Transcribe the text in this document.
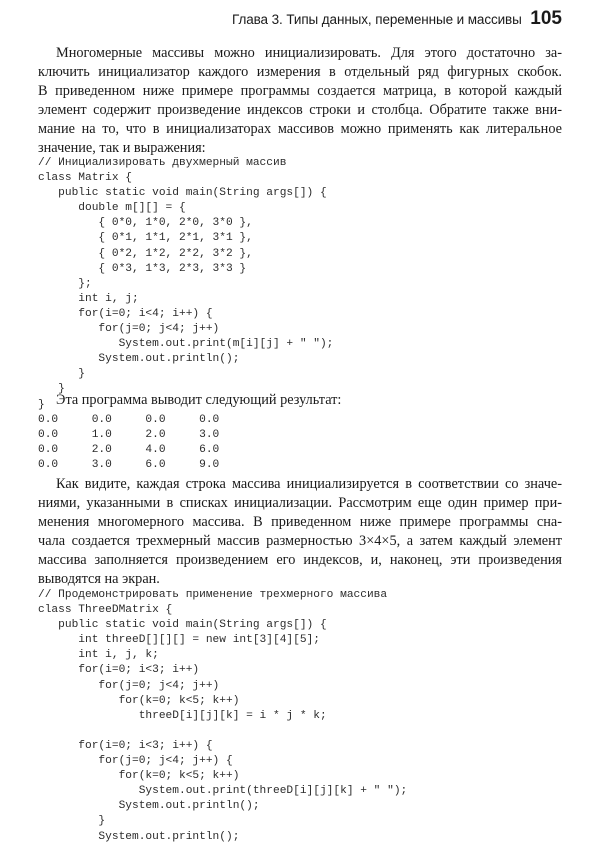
Глава 3. Типы данных, переменные и массивы 105

Многомерные массивы можно инициализировать. Для этого достаточно за-
ключить инициализатор каждого измерения в отдельный ряд фигурных скобок.
В приведенном ниже примере программы создается матрица, в которой каждый
элемент содержит произведение индексов строки и столбца. Обратите также вни-
мание на то, что в инициализаторах массивов можно применять как литеральное
значение, так и выражения:

// Инициализировать двухмерный массив
class Matrix {
public static void main(String args[]) {
double m[][] = {
{ 0*0, 1*0, 2*0, 3*0 },
{ 0*1, 1*1, 2*1, 3*1 },
{ 0*2, 1*2, 2*2, 3*2 },
{ 0*3, 1*3, 2*3, 3*3 }
};
int i, j;
for(i=0; i<4; i++) {
for(j=0; j<4; j++)
System.out.print(m[i][j] + " ");
System.out.println();
}
}
} Эта программа выводит следующий результат:

0.0     0.0     0.0     0.0
0.0     1.0     2.0     3.0
0.0     2.0     4.0     6.0
0.0     3.0     6.0     9.0

Как видите, каждая строка массива инициализируется в соответствии со значе-
ниями, указанными в списках инициализации. Рассмотрим еще один пример при-
менения многомерного массива. В приведенном ниже примере программы сна-
чала создается трехмерный массив размерностью 3×4×5, а затем каждый элемент
массива заполняется произведением его индексов, и, наконец, эти произведения
выводятся на экран.

// Продемонстрировать применение трехмерного массива
class ThreeDMatrix {
public static void main(String args[]) {
int threeD[][][] = new int[3][4][5];
int i, j, k;
for(i=0; i<3; i++)
for(j=0; j<4; j++)
for(k=0; k<5; k++)
threeD[i][j][k] = i * j * k;

for(i=0; i<3; i++) {
for(j=0; j<4; j++) {
for(k=0; k<5; k++)
System.out.print(threeD[i][j][k] + " ");
System.out.println();
}
System.out.println();
